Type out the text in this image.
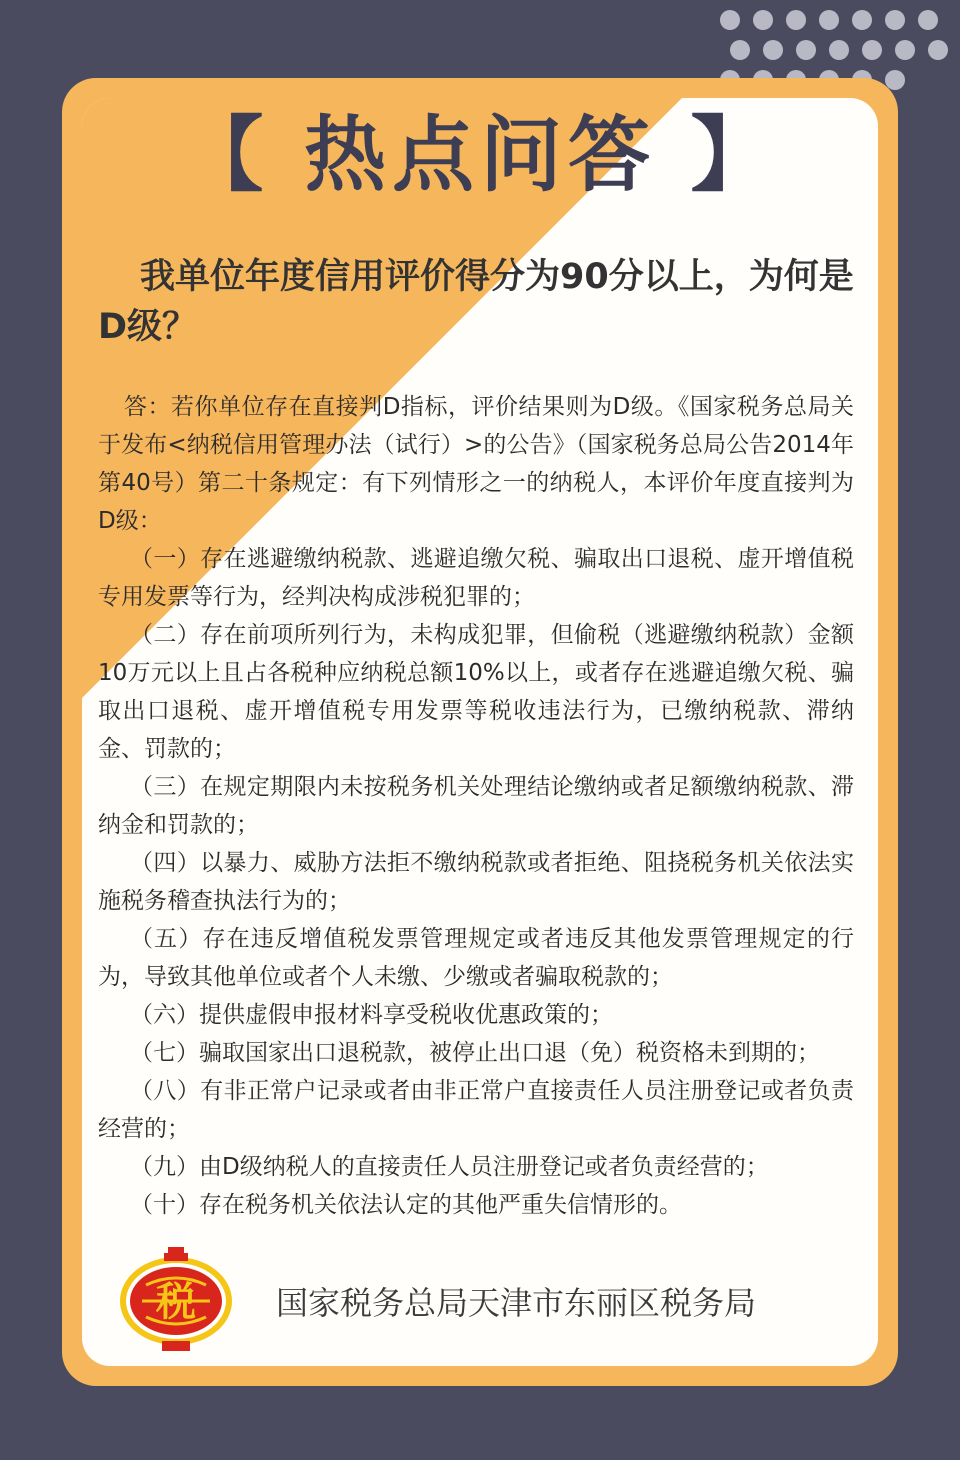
【 热点问答 】
我单位年度信用评价得分为90分以上，为何是D级？

答：若你单位存在直接判D指标，评价结果则为D级。《国家税务总局关于发布<纳税信用管理办法（试行）>的公告》（国家税务总局公告2014年第40号）第二十条规定：有下列情形之一的纳税人，本评价年度直接判为D级：

（一）存在逃避缴纳税款、逃避追缴欠税、骗取出口退税、虚开增值税专用发票等行为，经判决构成涉税犯罪的；

（二）存在前项所列行为，未构成犯罪，但偷税（逃避缴纳税款）金额10万元以上且占各税种应纳税总额10%以上，或者存在逃避追缴欠税、骗取出口退税、虚开增值税专用发票等税收违法行为，已缴纳税款、滞纳金、罚款的；

（三）在规定期限内未按税务机关处理结论缴纳或者足额缴纳税款、滞纳金和罚款的；

（四）以暴力、威胁方法拒不缴纳税款或者拒绝、阻挠税务机关依法实施税务稽查执法行为的；

（五）存在违反增值税发票管理规定或者违反其他发票管理规定的行为，导致其他单位或者个人未缴、少缴或者骗取税款的；

（六）提供虚假申报材料享受税收优惠政策的；

（七）骗取国家出口退税款，被停止出口退（免）税资格未到期的；

（八）有非正常户记录或者由非正常户直接责任人员注册登记或者负责经营的；

（九）由D级纳税人的直接责任人员注册登记或者负责经营的；

（十）存在税务机关依法认定的其他严重失信情形的。

税	国家税务总局天津市东丽区税务局
